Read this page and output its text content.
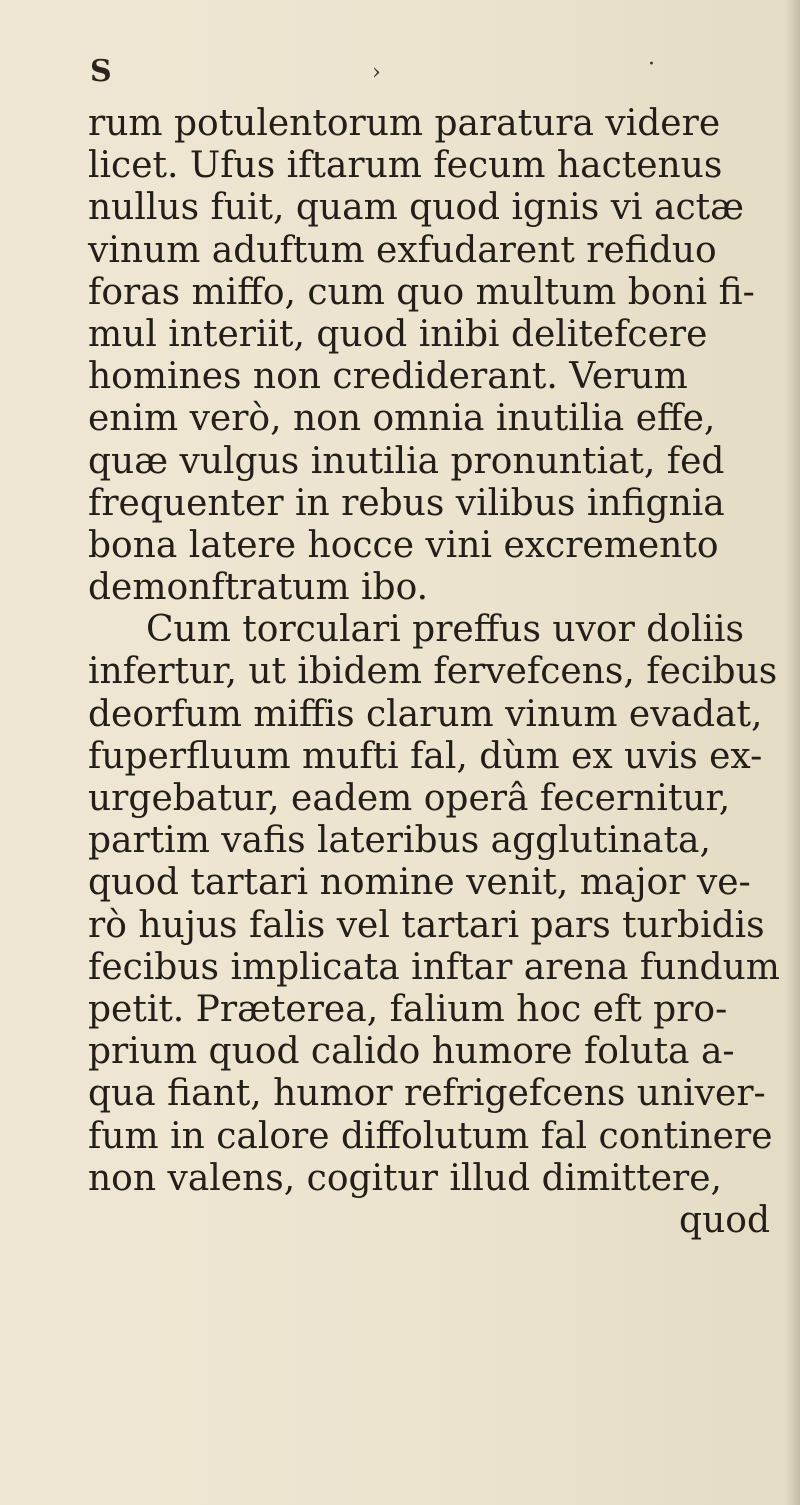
S	›	·
rum potulentorum paratura videre
licet. Ufus iftarum fecum hactenus
nullus fuit, quam quod ignis vi actæ
vinum aduftum exfudarent refiduo
foras miffo, cum quo multum boni fi-
mul interiit, quod inibi delitefcere
homines non crediderant. Verum
enim verò, non omnia inutilia effe,
quæ vulgus inutilia pronuntiat, fed
frequenter in rebus vilibus infignia
bona latere hocce vini excremento
demonftratum ibo.
Cum torculari preffus uvor doliis
infertur, ut ibidem fervefcens, fecibus
deorfum miffis clarum vinum evadat,
fuperfluum mufti fal, dùm ex uvis ex-
urgebatur, eadem operâ fecernitur,
partim vafis lateribus agglutinata,
quod tartari nomine venit, major ve-
rò hujus falis vel tartari pars turbidis
fecibus implicata inftar arena fundum
petit. Præterea, falium hoc eft pro-
prium quod calido humore foluta a-
qua fiant, humor refrigefcens univer-
fum in calore diffolutum fal continere
non valens, cogitur illud dimittere,
quod
